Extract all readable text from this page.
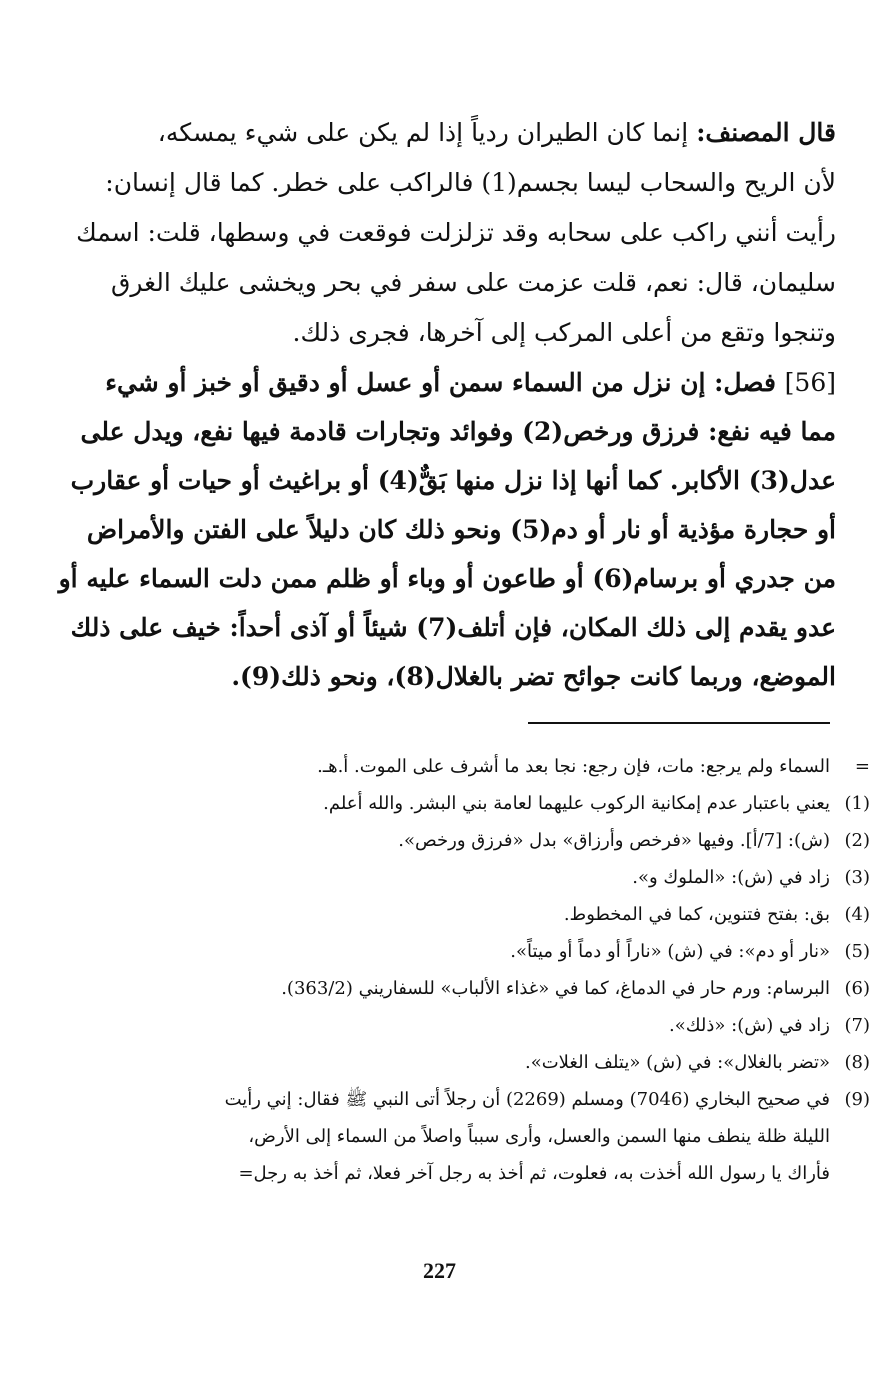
قال المصنف: إنما كان الطيران ردياً إذا لم يكن على شيء يمسكه،
لأن الريح والسحاب ليسا بجسم(1) فالراكب على خطر. كما قال إنسان:
رأيت أنني راكب على سحابه وقد تزلزلت فوقعت في وسطها، قلت: اسمك
سليمان، قال: نعم، قلت عزمت على سفر في بحر ويخشى عليك الغرق
وتنجوا وتقع من أعلى المركب إلى آخرها، فجرى ذلك.
[56] فصل: إن نزل من السماء سمن أو عسل أو دقيق أو خبز أو شيء
مما فيه نفع: فرزق ورخص(2) وفوائد وتجارات قادمة فيها نفع، ويدل على
عدل(3) الأكابر. كما أنها إذا نزل منها بَقٌّ(4) أو براغيث أو حيات أو عقارب
أو حجارة مؤذية أو نار أو دم(5) ونحو ذلك كان دليلاً على الفتن والأمراض
من جدري أو برسام(6) أو طاعون أو وباء أو ظلم ممن دلت السماء عليه أو
عدو يقدم إلى ذلك المكان، فإن أتلف(7) شيئاً أو آذى أحداً: خيف على ذلك
الموضع، وربما كانت جوائح تضر بالغلال(8)، ونحو ذلك(9).
=
السماء ولم يرجع: مات، فإن رجع: نجا بعد ما أشرف على الموت. أ.هـ.
(1)
يعني باعتبار عدم إمكانية الركوب عليهما لعامة بني البشر. والله أعلم.
(2)
(ش): [7/أ]. وفيها «فرخص وأرزاق» بدل «فرزق ورخص».
(3)
زاد في (ش): «الملوك و».
(4)
بق: بفتح فتنوين، كما في المخطوط.
(5)
«نار أو دم»: في (ش) «ناراً أو دماً أو ميتاً».
(6)
البرسام: ورم حار في الدماغ، كما في «غذاء الألباب» للسفاريني (363/2).
(7)
زاد في (ش): «ذلك».
(8)
«تضر بالغلال»: في (ش) «يتلف الغلات».
(9)
في صحيح البخاري (7046) ومسلم (2269) أن رجلاً أتى النبي ﷺ فقال: إني رأيت
الليلة ظلة ينطف منها السمن والعسل، وأرى سبباً واصلاً من السماء إلى الأرض،
فأراك يا رسول الله أخذت به، فعلوت، ثم أخذ به رجل آخر فعلا، ثم أخذ به رجل=
227
